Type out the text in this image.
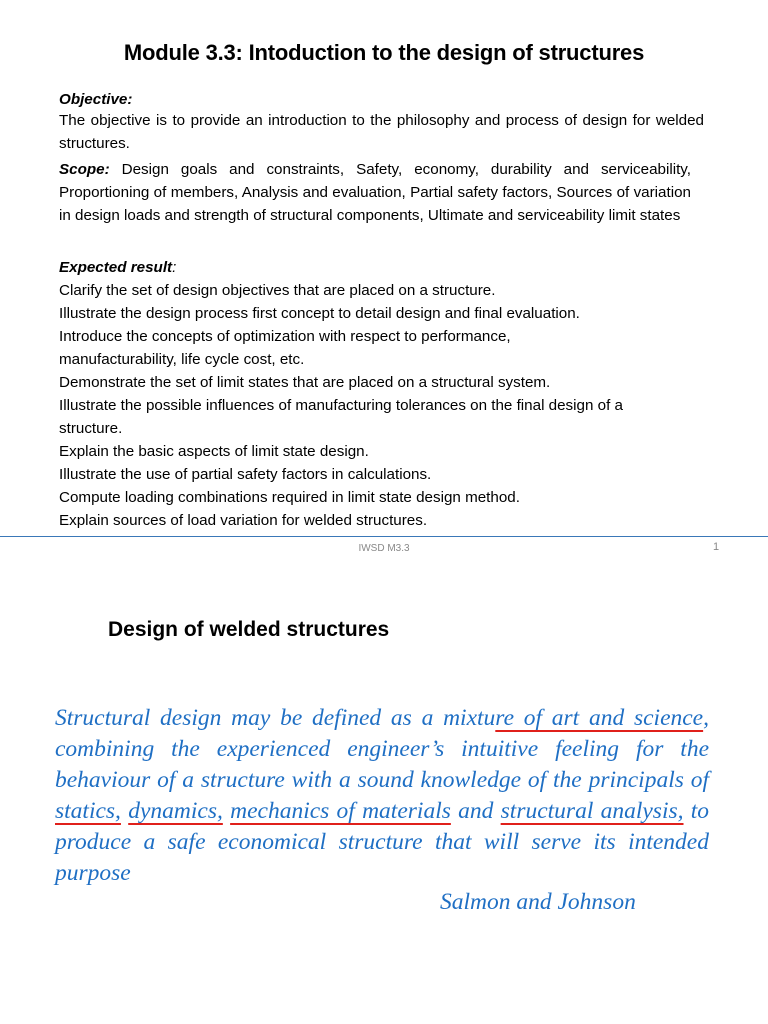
Module 3.3: Intoduction to the design of structures
Objective:
The objective is to provide an introduction to the philosophy and process of design for welded structures.
Scope: Design goals and constraints, Safety, economy, durability and serviceability, Proportioning of members, Analysis and evaluation, Partial safety factors, Sources of variation in design loads and strength of structural components, Ultimate and serviceability limit states
Expected result:
Clarify the set of design objectives that are placed on a structure.
Illustrate the design process first concept to detail design and final evaluation.
Introduce the concepts of optimization with respect to performance, manufacturability, life cycle cost, etc.
Demonstrate the set of limit states that are placed on a structural system.
Illustrate the possible influences of manufacturing tolerances on the final design of a structure.
Explain the basic aspects of limit state design.
Illustrate the use of partial safety factors in calculations.
Compute loading combinations required in limit state design method.
Explain sources of load variation for welded structures.
IWSD M3.3	1
Design of welded structures
Structural design may be defined as a mixture of art and science, combining the experienced engineer’s intuitive feeling for the behaviour of a structure with a sound knowledge of the principals of statics, dynamics, mechanics of materials and structural analysis, to produce a safe economical structure that will serve its intended purpose
Salmon and Johnson
